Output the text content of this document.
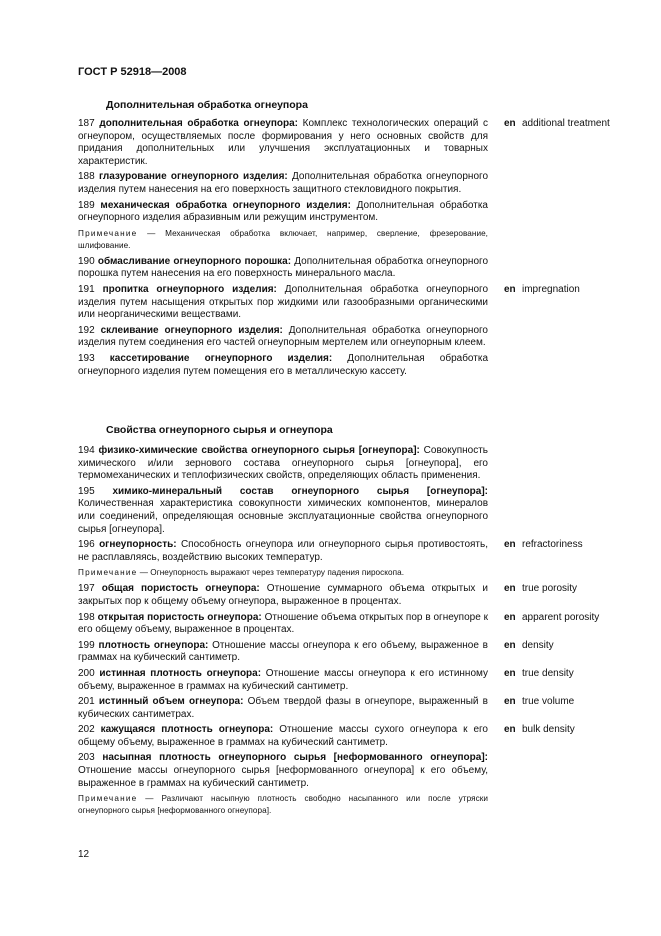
ГОСТ Р 52918—2008
Дополнительная обработка огнеупора
187 дополнительная обработка огнеупора: Комплекс технологических операций с огнеупором, осуществляемых после формирования у него основных свойств для придания дополнительных или улучшения эксплуатационных и товарных характеристик.
en additional treatment
188 глазурование огнеупорного изделия: Дополнительная обработка огнеупорного изделия путем нанесения на его поверхность защитного стекловидного покрытия.
189 механическая обработка огнеупорного изделия: Дополнительная обработка огнеупорного изделия абразивным или режущим инструментом.
Примечание — Механическая обработка включает, например, сверление, фрезерование, шлифование.
190 обмасливание огнеупорного порошка: Дополнительная обработка огнеупорного порошка путем нанесения на его поверхность минерального масла.
191 пропитка огнеупорного изделия: Дополнительная обработка огнеупорного изделия путем насыщения открытых пор жидкими или газообразными органическими или неорганическими веществами.
en impregnation
192 склеивание огнеупорного изделия: Дополнительная обработка огнеупорного изделия путем соединения его частей огнеупорным мертелем или огнеупорным клеем.
193 кассетирование огнеупорного изделия: Дополнительная обработка огнеупорного изделия путем помещения его в металлическую кассету.
Свойства огнеупорного сырья и огнеупора
194 физико-химические свойства огнеупорного сырья [огнеупора]: Совокупность химического и/или зернового состава огнеупорного сырья [огнеупора], его термомеханических и теплофизических свойств, определяющих область применения.
195 химико-минеральный состав огнеупорного сырья [огнеупора]: Количественная характеристика совокупности химических компонентов, минералов или соединений, определяющая основные эксплуатационные свойства огнеупорного сырья [огнеупора].
196 огнеупорность: Способность огнеупора или огнеупорного сырья противостоять, не расплавляясь, воздействию высоких температур.
en refractoriness
Примечание — Огнеупорность выражают через температуру падения пироскопа.
197 общая пористость огнеупора: Отношение суммарного объема открытых и закрытых пор к общему объему огнеупора, выраженное в процентах.
en true porosity
198 открытая пористость огнеупора: Отношение объема открытых пор в огнеупоре к его общему объему, выраженное в процентах.
en apparent porosity
199 плотность огнеупора: Отношение массы огнеупора к его объему, выраженное в граммах на кубический сантиметр.
en density
200 истинная плотность огнеупора: Отношение массы огнеупора к его истинному объему, выраженное в граммах на кубический сантиметр.
en true density
201 истинный объем огнеупора: Объем твердой фазы в огнеупоре, выраженный в кубических сантиметрах.
en true volume
202 кажущаяся плотность огнеупора: Отношение массы сухого огнеупора к его общему объему, выраженное в граммах на кубический сантиметр.
en bulk density
203 насыпная плотность огнеупорного сырья [неформованного огнеупора]: Отношение массы огнеупорного сырья [неформованного огнеупора] к его объему, выраженное в граммах на кубический сантиметр.
Примечание — Различают насыпную плотность свободно насыпанного или после утряски огнеупорного сырья [неформованного огнеупора].
12
